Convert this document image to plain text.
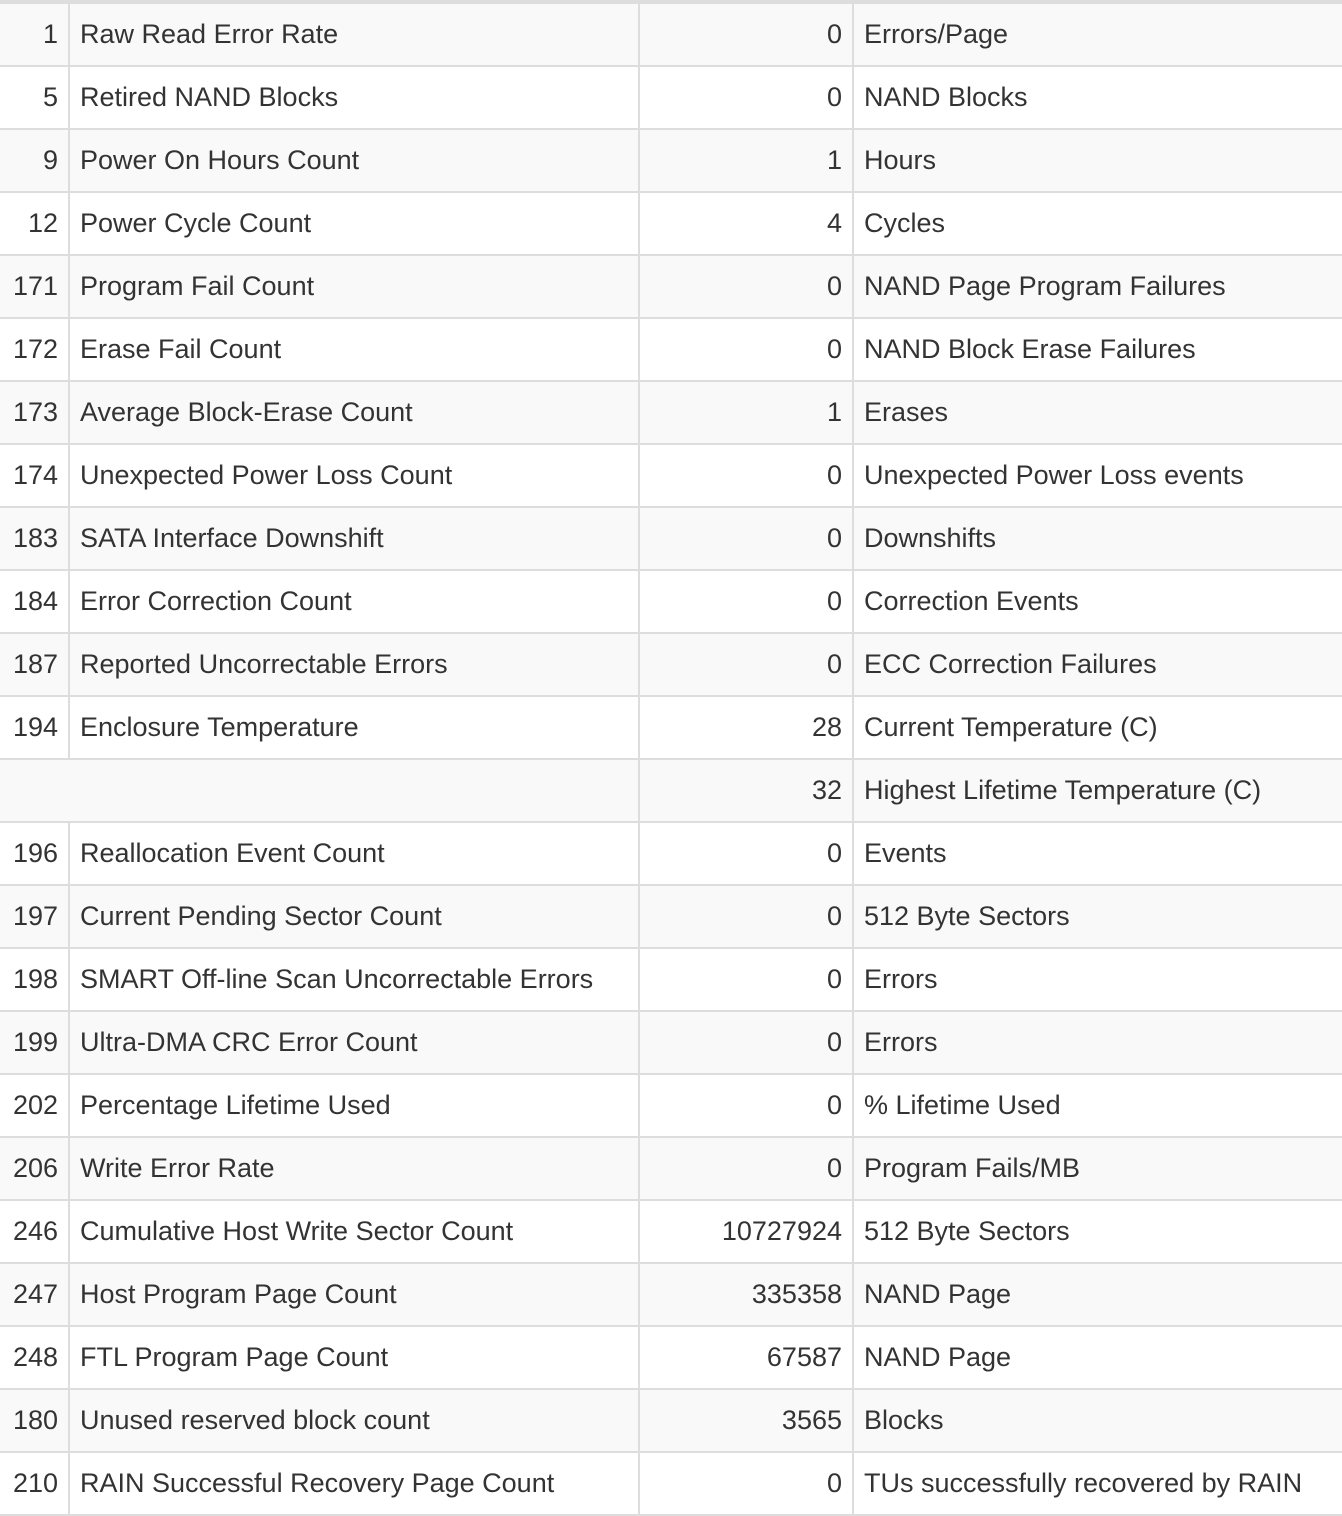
1	Raw Read Error Rate	0	Errors/Page
5	Retired NAND Blocks	0	NAND Blocks
9	Power On Hours Count	1	Hours
12	Power Cycle Count	4	Cycles
171	Program Fail Count	0	NAND Page Program Failures
172	Erase Fail Count	0	NAND Block Erase Failures
173	Average Block-Erase Count	1	Erases
174	Unexpected Power Loss Count	0	Unexpected Power Loss events
183	SATA Interface Downshift	0	Downshifts
184	Error Correction Count	0	Correction Events
187	Reported Uncorrectable Errors	0	ECC Correction Failures
194	Enclosure Temperature	28	Current Temperature (C)
		32	Highest Lifetime Temperature (C)
196	Reallocation Event Count	0	Events
197	Current Pending Sector Count	0	512 Byte Sectors
198	SMART Off-line Scan Uncorrectable Errors	0	Errors
199	Ultra-DMA CRC Error Count	0	Errors
202	Percentage Lifetime Used	0	% Lifetime Used
206	Write Error Rate	0	Program Fails/MB
246	Cumulative Host Write Sector Count	10727924	512 Byte Sectors
247	Host Program Page Count	335358	NAND Page
248	FTL Program Page Count	67587	NAND Page
180	Unused reserved block count	3565	Blocks
210	RAIN Successful Recovery Page Count	0	TUs successfully recovered by RAIN
